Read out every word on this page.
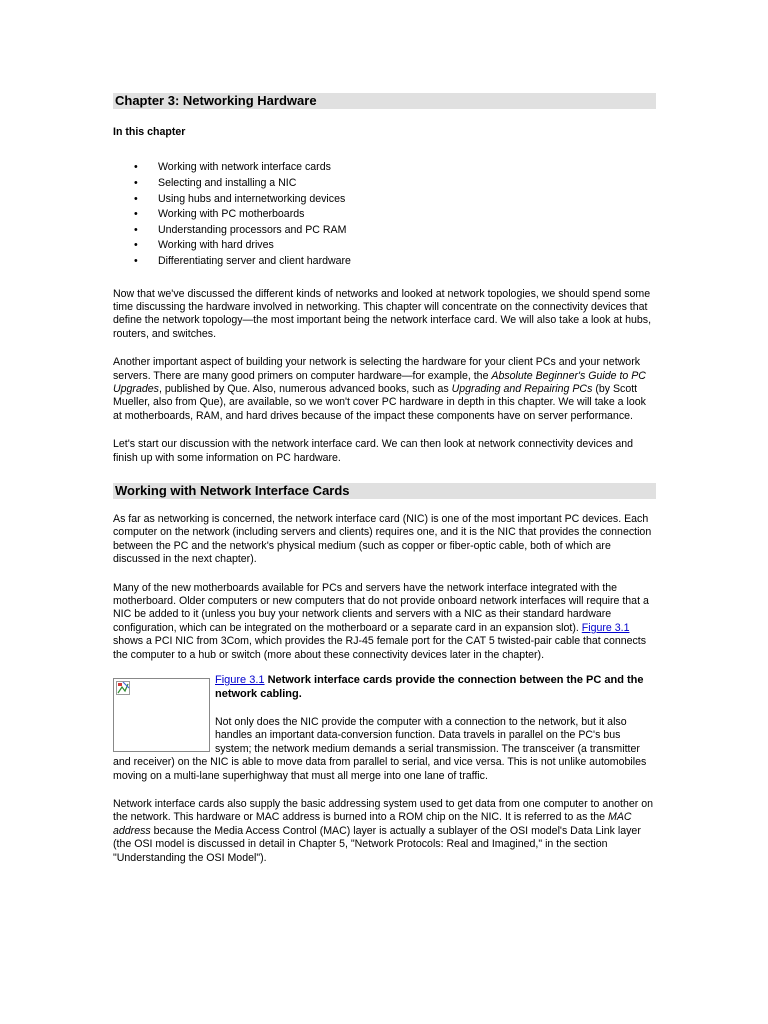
Chapter 3: Networking Hardware

In this chapter

• Working with network interface cards
• Selecting and installing a NIC
• Using hubs and internetworking devices
• Working with PC motherboards
• Understanding processors and PC RAM
• Working with hard drives
• Differentiating server and client hardware

Now that we've discussed the different kinds of networks and looked at network topologies, we should spend some time discussing the hardware involved in networking. This chapter will concentrate on the connectivity devices that define the network topology—the most important being the network interface card. We will also take a look at hubs, routers, and switches.

Another important aspect of building your network is selecting the hardware for your client PCs and your network servers. There are many good primers on computer hardware—for example, the Absolute Beginner's Guide to PC Upgrades, published by Que. Also, numerous advanced books, such as Upgrading and Repairing PCs (by Scott Mueller, also from Que), are available, so we won't cover PC hardware in depth in this chapter. We will take a look at motherboards, RAM, and hard drives because of the impact these components have on server performance.

Let's start our discussion with the network interface card. We can then look at network connectivity devices and finish up with some information on PC hardware.

Working with Network Interface Cards

As far as networking is concerned, the network interface card (NIC) is one of the most important PC devices. Each computer on the network (including servers and clients) requires one, and it is the NIC that provides the connection between the PC and the network's physical medium (such as copper or fiber-optic cable, both of which are discussed in the next chapter).

Many of the new motherboards available for PCs and servers have the network interface integrated with the motherboard. Older computers or new computers that do not provide onboard network interfaces will require that a NIC be added to it (unless you buy your network clients and servers with a NIC as their standard hardware configuration, which can be integrated on the motherboard or a separate card in an expansion slot). Figure 3.1 shows a PCI NIC from 3Com, which provides the RJ-45 female port for the CAT 5 twisted-pair cable that connects the computer to a hub or switch (more about these connectivity devices later in the chapter).

Figure 3.1 Network interface cards provide the connection between the PC and the network cabling.

Not only does the NIC provide the computer with a connection to the network, but it also handles an important data-conversion function. Data travels in parallel on the PC's bus system; the network medium demands a serial transmission. The transceiver (a transmitter and receiver) on the NIC is able to move data from parallel to serial, and vice versa. This is not unlike automobiles moving on a multi-lane superhighway that must all merge into one lane of traffic.

Network interface cards also supply the basic addressing system used to get data from one computer to another on the network. This hardware or MAC address is burned into a ROM chip on the NIC. It is referred to as the MAC address because the Media Access Control (MAC) layer is actually a sublayer of the OSI model's Data Link layer (the OSI model is discussed in detail in Chapter 5, "Network Protocols: Real and Imagined," in the section "Understanding the OSI Model").
